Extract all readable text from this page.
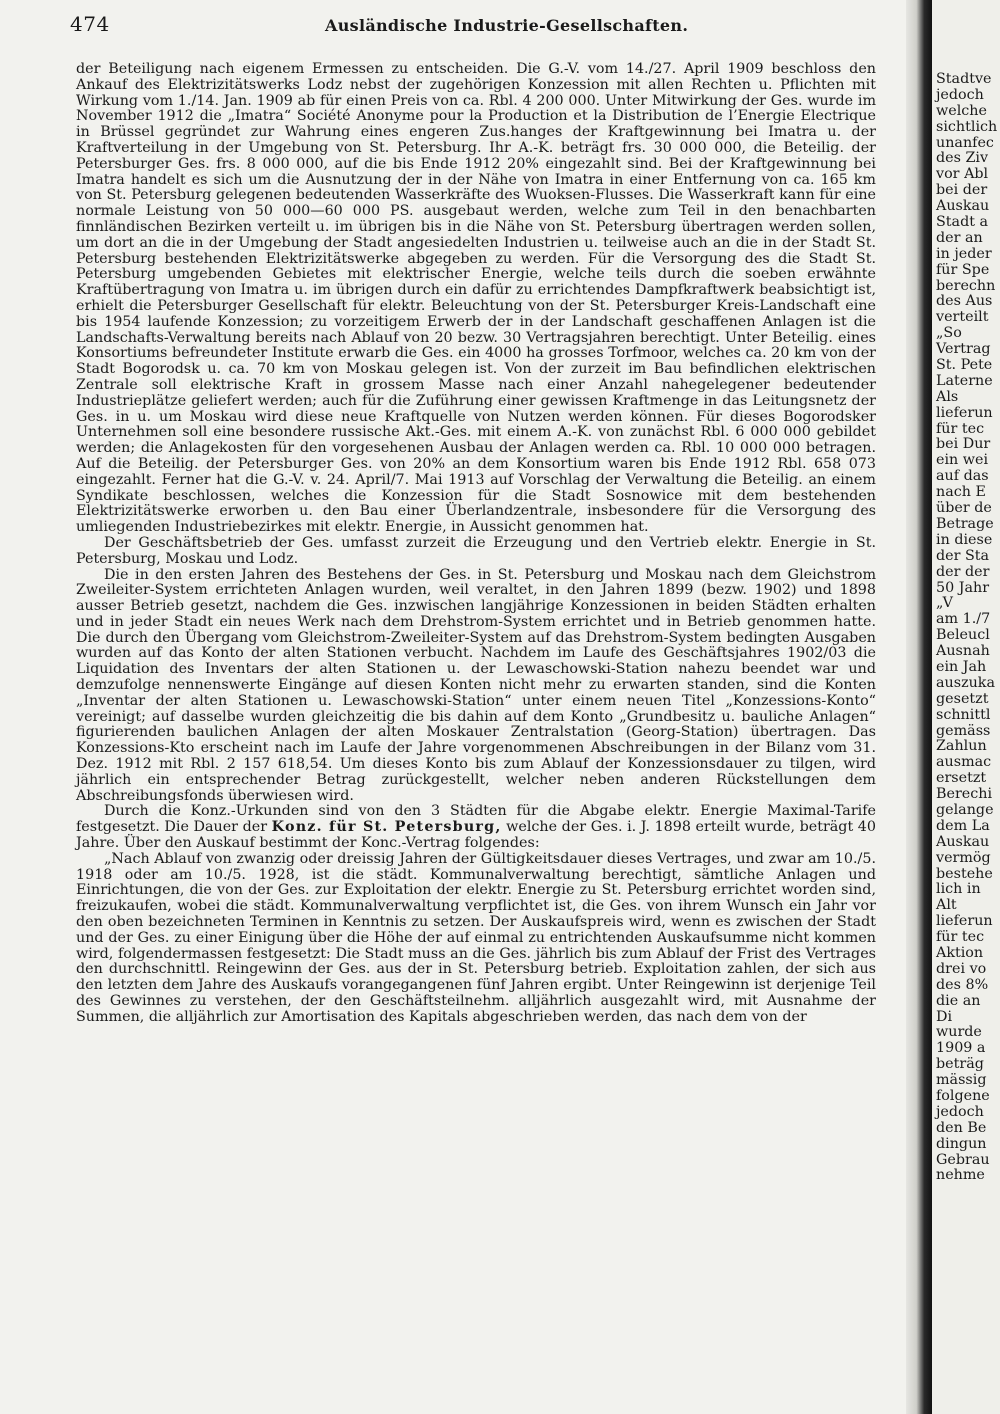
474	Ausländische Industrie-Gesellschaften.

der Beteiligung nach eigenem Ermessen zu entscheiden. Die G.-V. vom 14./27. April 1909 beschloss den Ankauf des Elektrizitätswerks Lodz nebst der zugehörigen Konzession mit allen Rechten u. Pflichten mit Wirkung vom 1./14. Jan. 1909 ab für einen Preis von ca. Rbl. 4 200 000. Unter Mitwirkung der Ges. wurde im November 1912 die „Imatra“ Société Anonyme pour la Production et la Distribution de l’Energie Electrique in Brüssel gegründet zur Wahrung eines engeren Zus.hanges der Kraftgewinnung bei Imatra u. der Kraftverteilung in der Umgebung von St. Petersburg. Ihr A.-K. beträgt frs. 30 000 000, die Beteilig. der Petersburger Ges. frs. 8 000 000, auf die bis Ende 1912 20% eingezahlt sind. Bei der Kraftgewinnung bei Imatra handelt es sich um die Ausnutzung der in der Nähe von Imatra in einer Entfernung von ca. 165 km von St. Petersburg gelegenen bedeutenden Wasserkräfte des Wuoksen-Flusses. Die Wasserkraft kann für eine normale Leistung von 50 000—60 000 PS. ausgebaut werden, welche zum Teil in den benachbarten finnländischen Bezirken verteilt u. im übrigen bis in die Nähe von St. Petersburg übertragen werden sollen, um dort an die in der Umgebung der Stadt angesiedelten Industrien u. teilweise auch an die in der Stadt St. Petersburg bestehenden Elektrizitätswerke abgegeben zu werden. Für die Versorgung des die Stadt St. Petersburg umgebenden Gebietes mit elektrischer Energie, welche teils durch die soeben erwähnte Kraftübertragung von Imatra u. im übrigen durch ein dafür zu errichtendes Dampfkraftwerk beabsichtigt ist, erhielt die Petersburger Gesellschaft für elektr. Beleuchtung von der St. Petersburger Kreis-Landschaft eine bis 1954 laufende Konzession; zu vorzeitigem Erwerb der in der Landschaft geschaffenen Anlagen ist die Landschafts-Verwaltung bereits nach Ablauf von 20 bezw. 30 Vertragsjahren berechtigt. Unter Beteilig. eines Konsortiums befreundeter Institute erwarb die Ges. ein 4000 ha grosses Torfmoor, welches ca. 20 km von der Stadt Bogorodsk u. ca. 70 km von Moskau gelegen ist. Von der zurzeit im Bau befindlichen elektrischen Zentrale soll elektrische Kraft in grossem Masse nach einer Anzahl nahegelegener bedeutender Industrieplätze geliefert werden; auch für die Zuführung einer gewissen Kraftmenge in das Leitungsnetz der Ges. in u. um Moskau wird diese neue Kraftquelle von Nutzen werden können. Für dieses Bogorodsker Unternehmen soll eine besondere russische Akt.-Ges. mit einem A.-K. von zunächst Rbl. 6 000 000 gebildet werden; die Anlagekosten für den vorgesehenen Ausbau der Anlagen werden ca. Rbl. 10 000 000 betragen. Auf die Beteilig. der Petersburger Ges. von 20% an dem Konsortium waren bis Ende 1912 Rbl. 658 073 eingezahlt. Ferner hat die G.-V. v. 24. April/7. Mai 1913 auf Vorschlag der Verwaltung die Beteilig. an einem Syndikate beschlossen, welches die Konzession für die Stadt Sosnowice mit dem bestehenden Elektrizitätswerke erworben u. den Bau einer Überlandzentrale, insbesondere für die Versorgung des umliegenden Industriebezirkes mit elektr. Energie, in Aussicht genommen hat.

Der Geschäftsbetrieb der Ges. umfasst zurzeit die Erzeugung und den Vertrieb elektr. Energie in St. Petersburg, Moskau und Lodz.

Die in den ersten Jahren des Bestehens der Ges. in St. Petersburg und Moskau nach dem Gleichstrom Zweileiter-System errichteten Anlagen wurden, weil veraltet, in den Jahren 1899 (bezw. 1902) und 1898 ausser Betrieb gesetzt, nachdem die Ges. inzwischen langjährige Konzessionen in beiden Städten erhalten und in jeder Stadt ein neues Werk nach dem Drehstrom-System errichtet und in Betrieb genommen hatte. Die durch den Übergang vom Gleichstrom-Zweileiter-System auf das Drehstrom-System bedingten Ausgaben wurden auf das Konto der alten Stationen verbucht. Nachdem im Laufe des Geschäftsjahres 1902/03 die Liquidation des Inventars der alten Stationen u. der Lewaschowski-Station nahezu beendet war und demzufolge nennenswerte Eingänge auf diesen Konten nicht mehr zu erwarten standen, sind die Konten „Inventar der alten Stationen u. Lewaschowski-Station“ unter einem neuen Titel „Konzessions-Konto“ vereinigt; auf dasselbe wurden gleichzeitig die bis dahin auf dem Konto „Grundbesitz u. bauliche Anlagen“ figurierenden baulichen Anlagen der alten Moskauer Zentralstation (Georg-Station) übertragen. Das Konzessions-Kto erscheint nach im Laufe der Jahre vorgenommenen Abschreibungen in der Bilanz vom 31. Dez. 1912 mit Rbl. 2 157 618,54. Um dieses Konto bis zum Ablauf der Konzessionsdauer zu tilgen, wird jährlich ein entsprechender Betrag zurückgestellt, welcher neben anderen Rückstellungen dem Abschreibungsfonds überwiesen wird.

Durch die Konz.-Urkunden sind von den 3 Städten für die Abgabe elektr. Energie Maximal-Tarife festgesetzt. Die Dauer der Konz. für St. Petersburg, welche der Ges. i. J. 1898 erteilt wurde, beträgt 40 Jahre. Über den Auskauf bestimmt der Konc.-Vertrag folgendes:

„Nach Ablauf von zwanzig oder dreissig Jahren der Gültigkeitsdauer dieses Vertrages, und zwar am 10./5. 1918 oder am 10./5. 1928, ist die städt. Kommunalverwaltung berechtigt, sämtliche Anlagen und Einrichtungen, die von der Ges. zur Exploitation der elektr. Energie zu St. Petersburg errichtet worden sind, freizukaufen, wobei die städt. Kommunalverwaltung verpflichtet ist, die Ges. von ihrem Wunsch ein Jahr vor den oben bezeichneten Terminen in Kenntnis zu setzen. Der Auskaufspreis wird, wenn es zwischen der Stadt und der Ges. zu einer Einigung über die Höhe der auf einmal zu entrichtenden Auskaufsumme nicht kommen wird, folgendermassen festgesetzt: Die Stadt muss an die Ges. jährlich bis zum Ablauf der Frist des Vertrages den durchschnittl. Reingewinn der Ges. aus der in St. Petersburg betrieb. Exploitation zahlen, der sich aus den letzten dem Jahre des Auskaufs vorangegangenen fünf Jahren ergibt. Unter Reingewinn ist derjenige Teil des Gewinnes zu verstehen, der den Geschäftsteilnehm. alljährlich ausgezahlt wird, mit Ausnahme der Summen, die alljährlich zur Amortisation des Kapitals abgeschrieben werden, das nach dem von der

Stadtve
jedoch
welche
sichtlich
unanfec
des Ziv
vor Abl
bei der
Auskau
Stadt a
der an
in jeder
für Spe
berechn
des Aus
verteilt
„So
Vertrag
St. Pete
Laterne
Als
lieferun
für tec
bei Dur
ein wei
auf das
nach E
über de
Betrage
in diese
der Sta
der der
50 Jahr
„V
am 1./7
Beleucl
Ausnah
ein Jah
auszuka
gesetzt
schnittl
gemäss
Zahlun
ausmac
ersetzt
Berechi
gelange
dem La
Auskau
vermög
bestehe
lich in
Alt
lieferun
für tec
Aktion
drei vo
des 8%
die an
Di
wurde
1909 a
beträg
mässig
folgene
jedoch
den Be
dingun
Gebrau
nehme
